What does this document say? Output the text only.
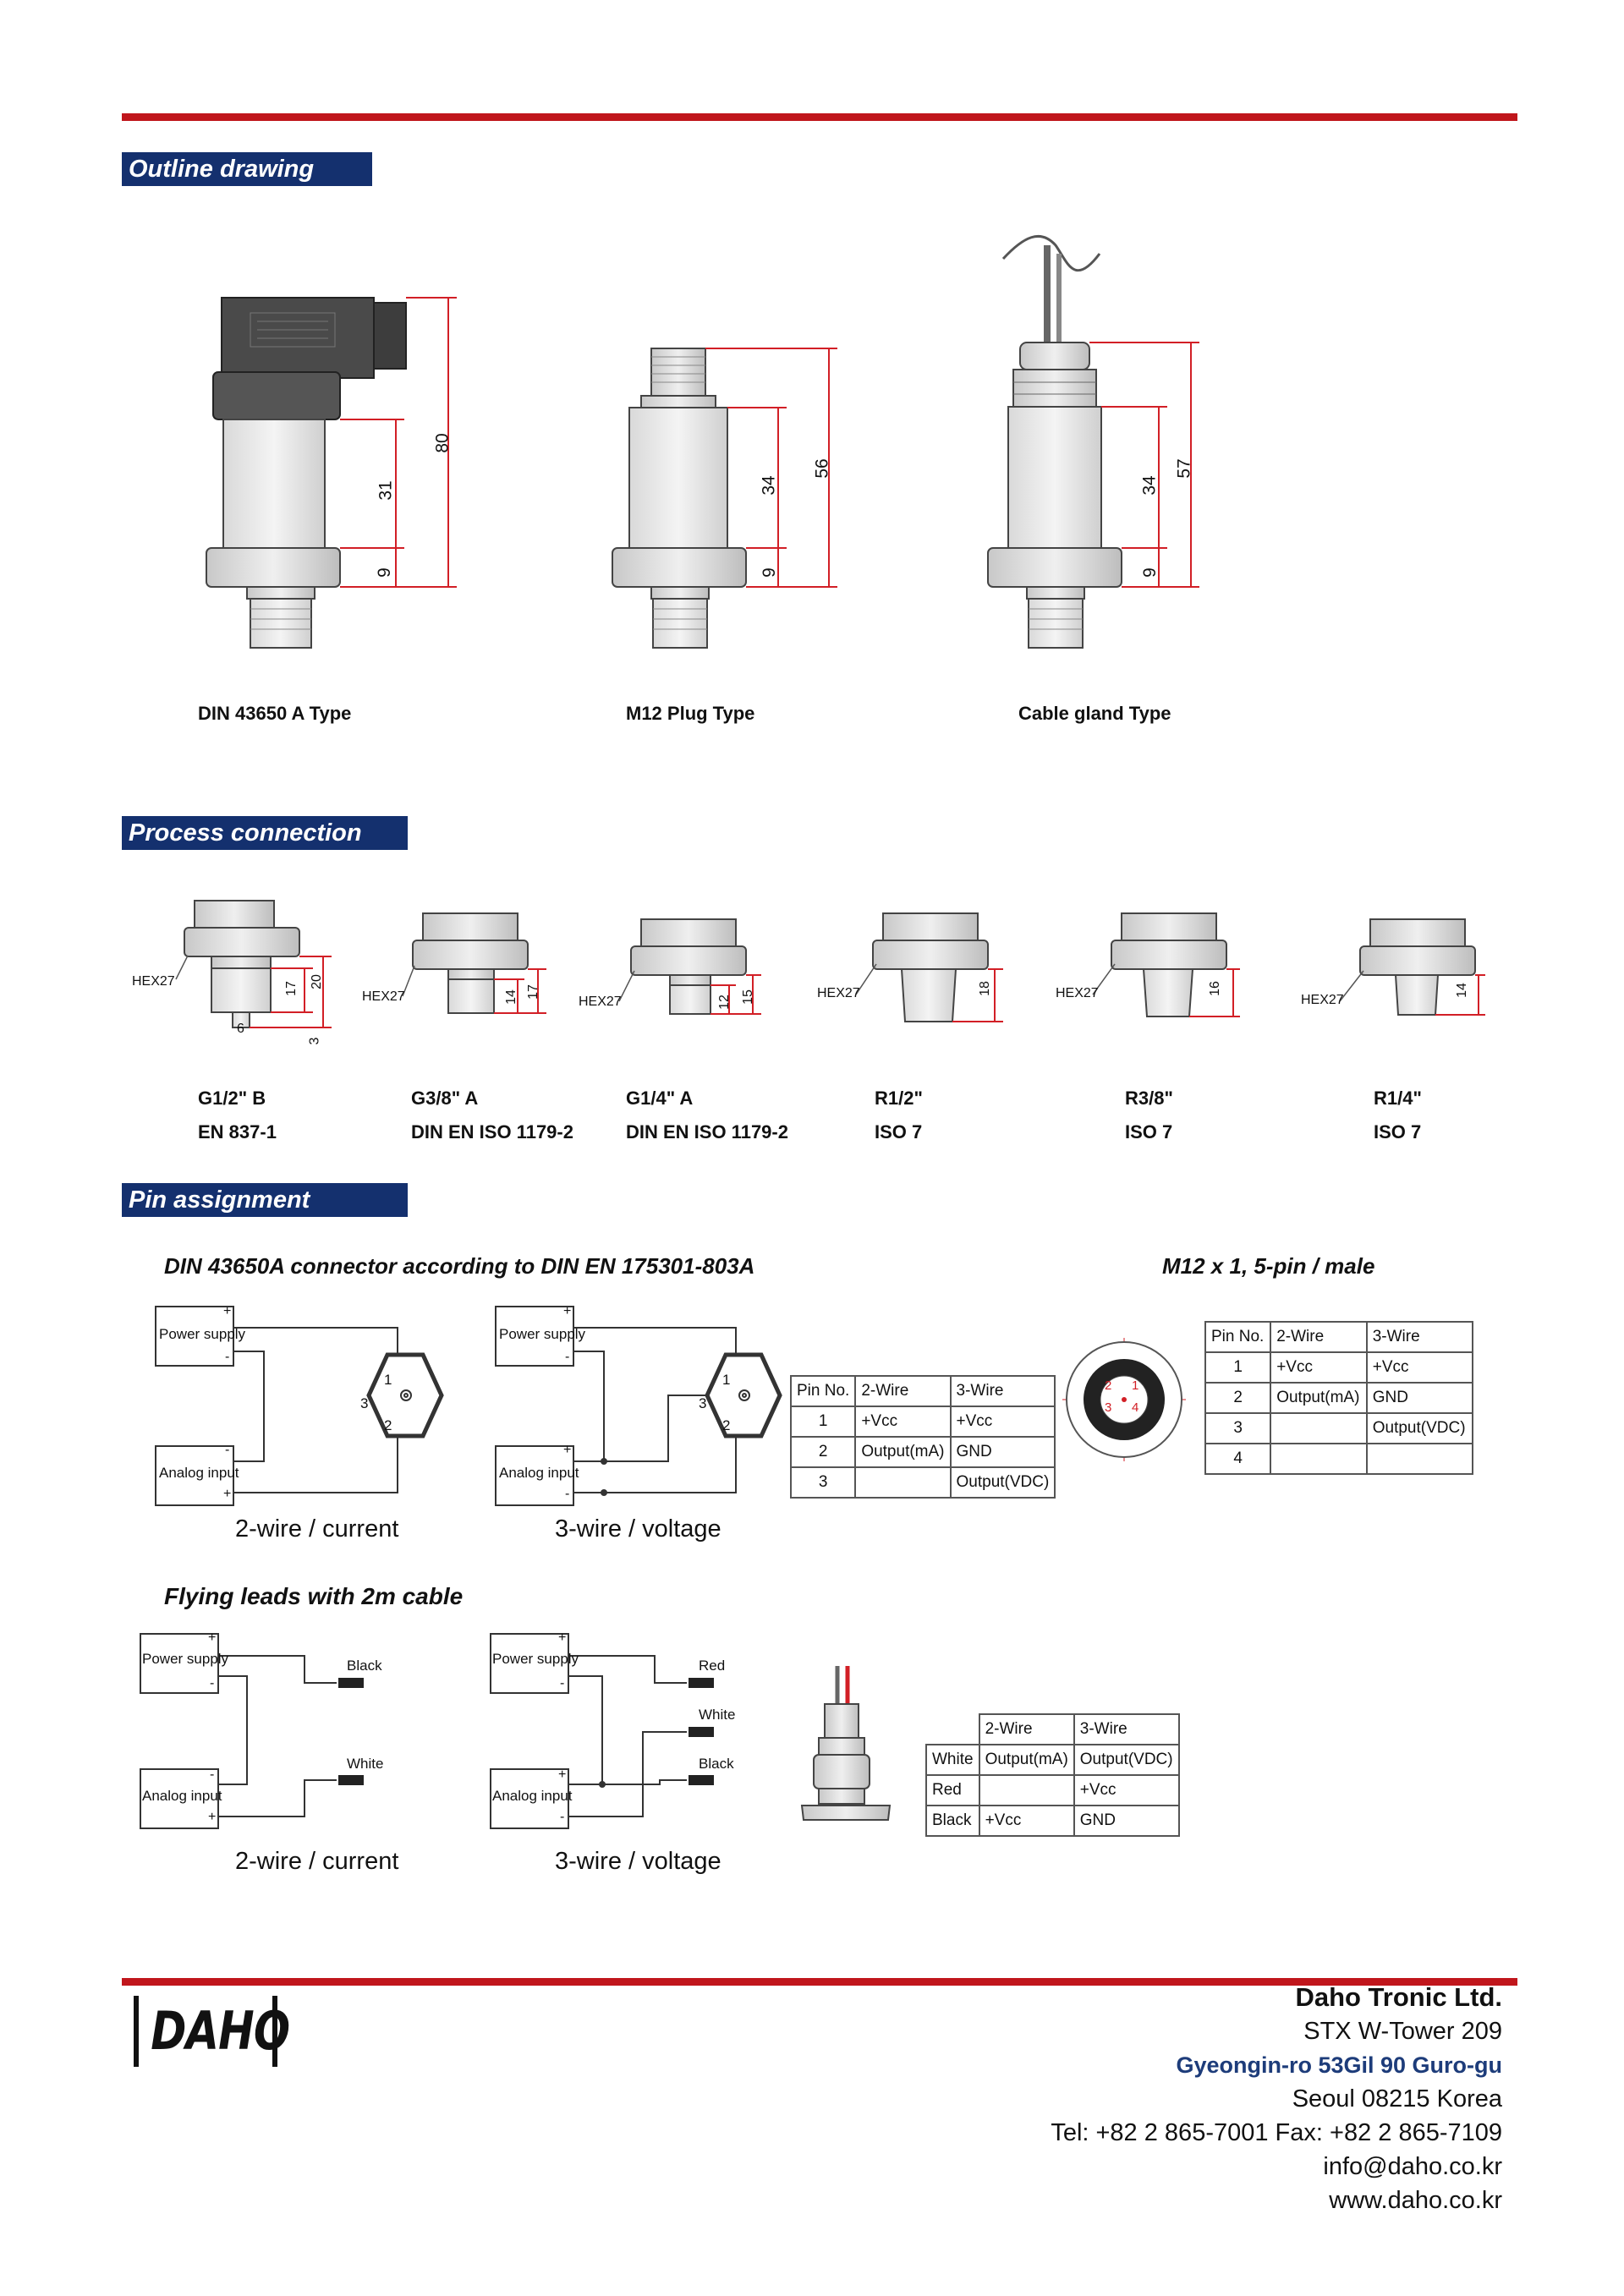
Outline drawing
80
31
9
56
34
9
57
34
9
DIN 43650 A Type	M12 Plug Type	Cable gland Type
Process connection
HEX27
HEX27	HEX27
HEX27	HEX27	HEX27
17 20
6
3
14 17
12 15
18	16	14
G1/2" B
EN 837-1
G3/8" A
DIN EN ISO 1179-2
G1/4" A
DIN EN ISO 1179-2
R1/2"
ISO 7
R3/8"
ISO 7
R1/4"
ISO 7
Pin assignment
DIN 43650A connector according to DIN EN 175301-803A	M12 x 1, 5-pin / male
Power supply
Analog input
+
-
-
+
1
2
3
Power supply
Analog input
+
-
+
-
1
2
3
2-wire / current	3-wire / voltage
Pin No.	2-Wire	3-Wire
1	+Vcc	+Vcc
2	Output(mA)	GND
3		Output(VDC)
2 1
3 4
Pin No.	2-Wire	3-Wire
1	+Vcc	+Vcc
2	Output(mA)	GND
3		Output(VDC)
4		
Flying leads with 2m cable
Power supply
Analog input
+
-
-
+
Black
White
Power supply
Analog input
+
-
+
-
Red
White
Black
2-wire / current	3-wire / voltage
	2-Wire	3-Wire
White	Output(mA)	Output(VDC)
Red		+Vcc
Black	+Vcc	GND
DAHO
Daho Tronic Ltd.
STX W-Tower 209
Gyeongin-ro 53Gil 90 Guro-gu
Seoul 08215 Korea
Tel: +82 2 865-7001 Fax: +82 2 865-7109
info@daho.co.kr
www.daho.co.kr
